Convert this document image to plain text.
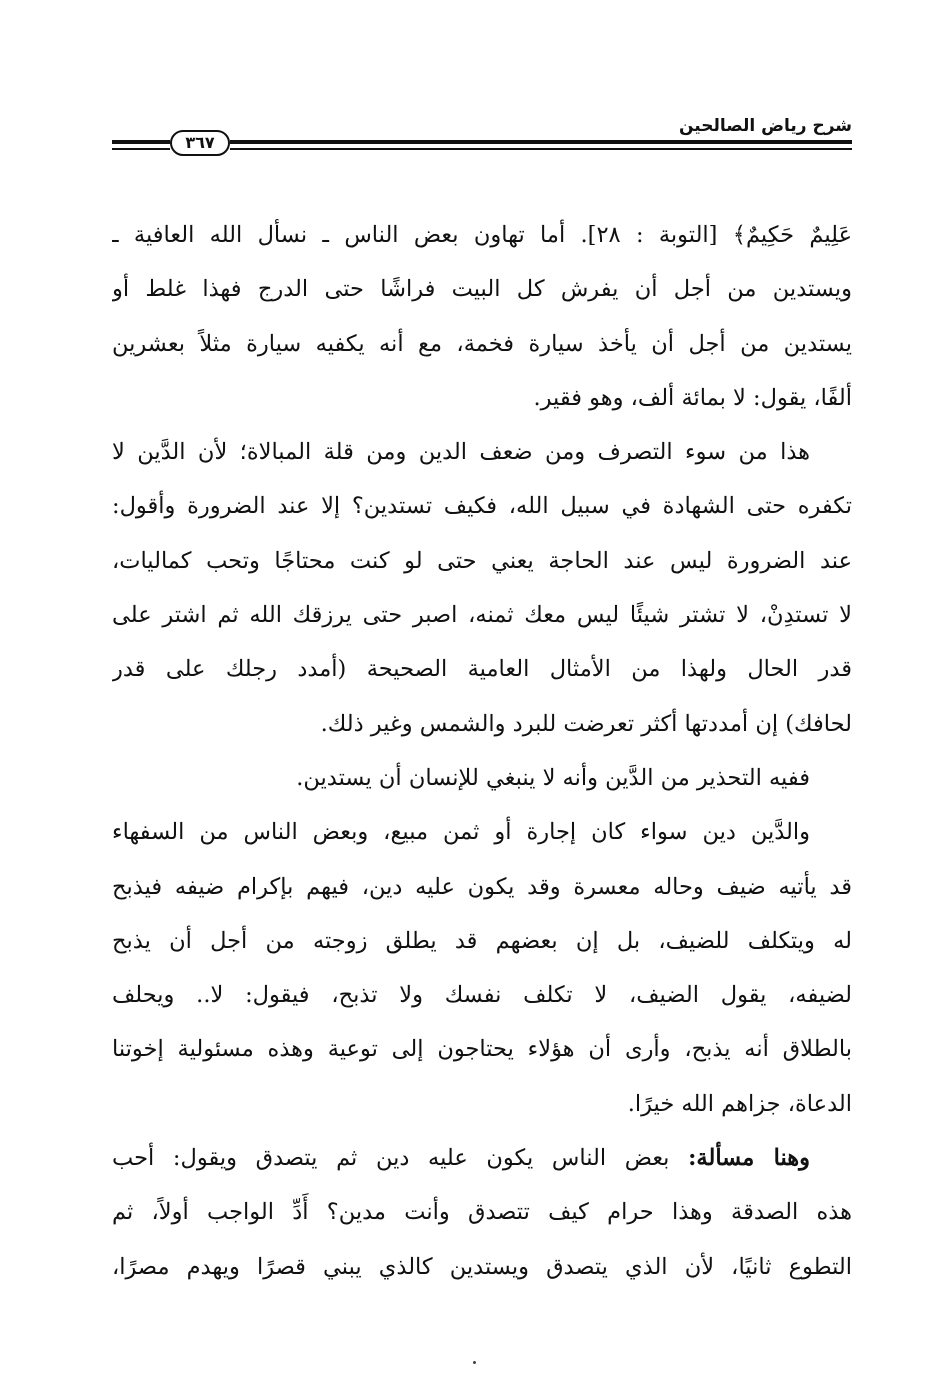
شرح رياض الصالحين
٣٦٧
عَلِيمٌ حَكِيمٌ﴾ [التوبة : ٢٨]. أما تهاون بعض الناس ـ نسأل الله العافية ـ
ويستدين من أجل أن يفرش كل البيت فراشًا حتى الدرج فهذا غلط أو
يستدين من أجل أن يأخذ سيارة فخمة، مع أنه يكفيه سيارة مثلاً بعشرين
ألفًا، يقول: لا بمائة ألف، وهو فقير.
هذا من سوء التصرف ومن ضعف الدين ومن قلة المبالاة؛ لأن الدَّين لا
تكفره حتى الشهادة في سبيل الله، فكيف تستدين؟ إلا عند الضرورة وأقول:
عند الضرورة ليس عند الحاجة يعني حتى لو كنت محتاجًا وتحب كماليات،
لا تستدِنْ، لا تشتر شيئًا ليس معك ثمنه، اصبر حتى يرزقك الله ثم اشتر على
قدر الحال ولهذا من الأمثال العامية الصحيحة (أمدد رجلك على قدر
لحافك) إن أمددتها أكثر تعرضت للبرد والشمس وغير ذلك.
ففيه التحذير من الدَّين وأنه لا ينبغي للإنسان أن يستدين.
والدَّين دين سواء كان إجارة أو ثمن مبيع، وبعض الناس من السفهاء
قد يأتيه ضيف وحاله معسرة وقد يكون عليه دين، فيهم بإكرام ضيفه فيذبح
له ويتكلف للضيف، بل إن بعضهم قد يطلق زوجته من أجل أن يذبح
لضيفه، يقول الضيف، لا تكلف نفسك ولا تذبح، فيقول: لا.. ويحلف
بالطلاق أنه يذبح، وأرى أن هؤلاء يحتاجون إلى توعية وهذه مسئولية إخوتنا
الدعاة، جزاهم الله خيرًا.
وهنا مسألة: بعض الناس يكون عليه دين ثم يتصدق ويقول: أحب
هذه الصدقة وهذا حرام كيف تتصدق وأنت مدين؟ أَدِّ الواجب أولاً، ثم
التطوع ثانيًا، لأن الذي يتصدق ويستدين كالذي يبني قصرًا ويهدم مصرًا،
